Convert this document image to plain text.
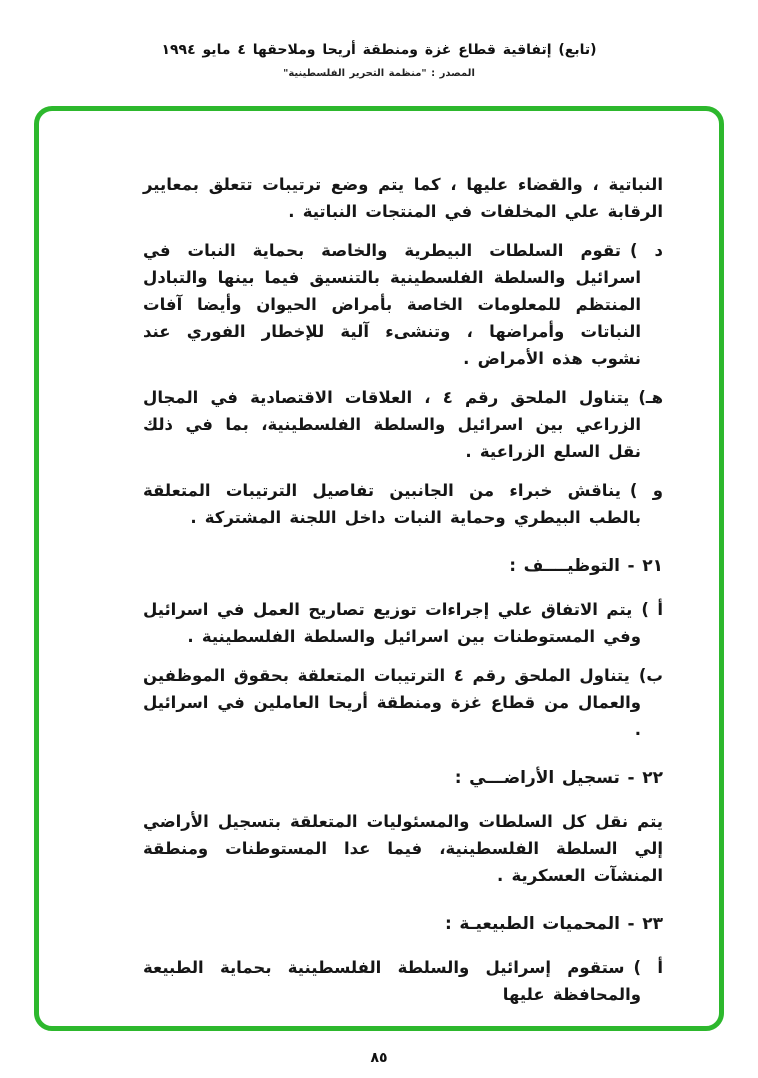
(تابع) إتفاقية قطاع غزة ومنطقة أريحا وملاحقها ٤ مايو ١٩٩٤
المصدر : "منظمة التحرير الفلسطينية"

النباتية ، والقضاء عليها ، كما يتم وضع ترتيبات تتعلق بمعايير الرقابة علي المخلفات في المنتجات النباتية .

د )تقوم السلطات البيطرية والخاصة بحماية النبات في اسرائيل والسلطة الفلسطينية بالتنسيق فيما بينها والتبادل المنتظم للمعلومات الخاصة بأمراض الحيوان وأيضا آفات النباتات وأمراضها ، وتنشىء آلية للإخطار الفوري عند نشوب هذه الأمراض .

هـ)يتناول الملحق رقم ٤ ، العلاقات الاقتصادية في المجال الزراعي بين اسرائيل والسلطة الفلسطينية، بما في ذلك نقل السلع الزراعية .

و )يناقش خبراء من الجانبين تفاصيل الترتيبات المتعلقة بالطب البيطري وحماية النبات داخل اللجنة المشتركة .

٢١ - التوظيــــف :

أ )يتم الاتفاق علي إجراءات توزيع تصاريح العمل في اسرائيل وفي المستوطنات بين اسرائيل والسلطة الفلسطينية .

ب)يتناول الملحق رقم ٤ الترتيبات المتعلقة بحقوق الموظفين والعمال من قطاع غزة ومنطقة أريحا العاملين في اسرائيل .

٢٢ - تسجيل الأراضـــي :

يتم نقل كل السلطات والمسئوليات المتعلقة بتسجيل الأراضي إلي السلطة الفلسطينية، فيما عدا المستوطنات ومنطقة المنشآت العسكرية .

٢٣ - المحميات الطبيعيـة :

أ )ستقوم إسرائيل والسلطة الفلسطينية بحماية الطبيعة والمحافظة عليها

٨٥
